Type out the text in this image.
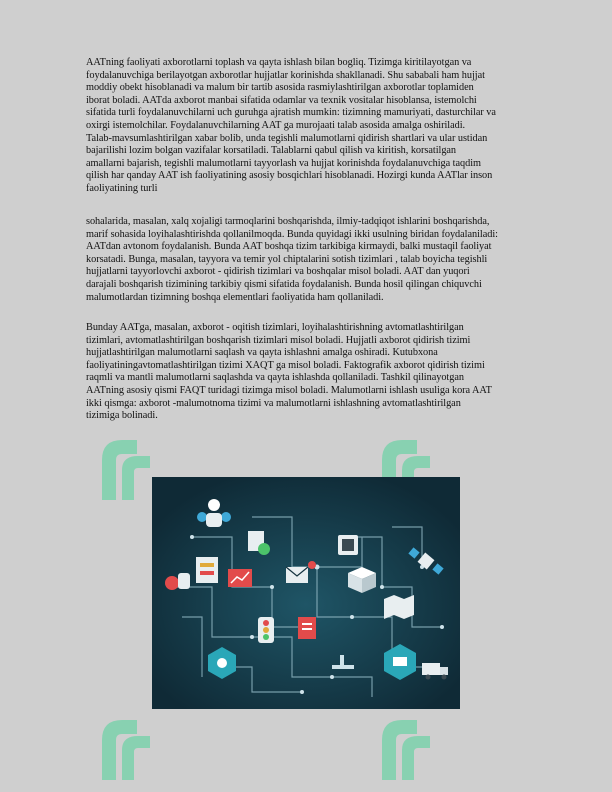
AATning faoliyati axborotlarni toplash va qayta ishlash bilan bogliq. Tizimga kiritilayotgan va

foydalanuvchiga berilayotgan axborotlar hujjatlar korinishda shakllanadi. Shu sababali ham hujjat

moddiy obekt hisoblanadi va malum bir tartib asosida rasmiylashtirilgan axborotlar toplamiden

iborat boladi. AATda axborot manbai sifatida odamlar va texnik vositalar hisoblansa, istemolchi

sifatida turli foydalanuvchilarni uch guruhga ajratish mumkin: tizimning mamuriyati, dasturchilar va

oxirgi istemolchilar. Foydalanuvchilarning AAT ga murojaati talab asosida amalga oshiriladi.

Talab-mavsumlashtirilgan xabar bolib, unda tegishli malumotlarni qidirish shartlari va ular ustidan

bajarilishi lozim bolgan vazifalar korsatiladi. Talablarni qabul qilish va kiritish, korsatilgan

amallarni bajarish, tegishli malumotlarni tayyorlash va hujjat korinishda foydalanuvchiga taqdim

qilish har qanday AAT ish faoliyatining asosiy bosqichlari hisoblanadi. Hozirgi kunda AATlar inson

faoliyatining turli

sohalarida, masalan, xalq xojaligi tarmoqlarini boshqarishda, ilmiy-tadqiqot ishlarini boshqarishda,

marif sohasida loyihalashtirishda qollanilmoqda. Bunda quyidagi ikki usulning biridan foydalaniladi:

AATdan avtonom foydalanish. Bunda AAT boshqa tizim tarkibiga kirmaydi, balki mustaqil faoliyat

korsatadi. Bunga, masalan, tayyora va temir yol chiptalarini sotish tizimlari , talab boyicha tegishli

hujjatlarni tayyorlovchi axborot - qidirish tizimlari va boshqalar misol boladi. AAT dan yuqori

darajali boshqarish tizimining tarkibiy qismi sifatida foydalanish. Bunda hosil qilingan chiquvchi

malumotlardan tizimning boshqa elementlari faoliyatida ham qollaniladi.

Bunday AATga, masalan, axborot - oqitish tizimlari, loyihalashtirishning avtomatlashtirilgan

tizimlari, avtomatlashtirilgan boshqarish tizimlari misol boladi. Hujjatli axborot qidirish tizimi

hujjatlashtirilgan malumotlarni saqlash va qayta ishlashni amalga oshiradi. Kutubxona

faoliyatiningavtomatlashtirilgan tizimi XAQT ga misol boladi. Faktografik axborot qidirish tizimi

raqmli va mantli malumotlarni saqlashda va qayta ishlashda qollaniladi. Tashkil qilinayotgan

AATning asosiy qismi FAQT turidagi tizimga misol boladi. Malumotlarni ishlash usuliga kora AAT

ikki qismga: axborot -malumotnoma tizimi va malumotlarni ishlashning avtomatlashtirilgan

tizimiga bolinadi.
